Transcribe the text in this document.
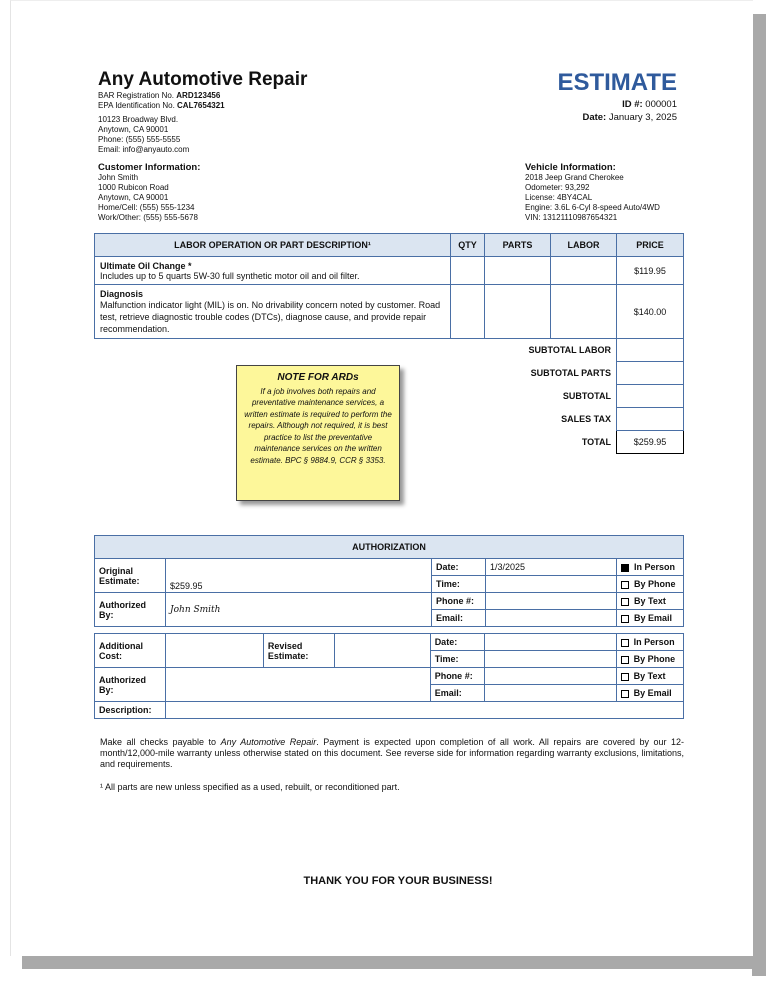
Any Automotive Repair
BAR Registration No. ARD123456
EPA Identification No. CAL7654321
10123 Broadway Blvd.
Anytown, CA 90001
Phone: (555) 555-5555
Email: info@anyauto.com
ESTIMATE
ID #: 000001
Date: January 3, 2025
Customer Information:
John Smith
1000 Rubicon Road
Anytown, CA 90001
Home/Cell: (555) 555-1234
Work/Other: (555) 555-5678
Vehicle Information:
2018 Jeep Grand Cherokee
Odometer: 93,292
License: 4BY4CAL
Engine: 3.6L 6-Cyl 8-speed Auto/4WD
VIN: 13121110987654321
LABOR OPERATION OR PART DESCRIPTION¹	QTY	PARTS	LABOR	PRICE

Ultimate Oil Change *
Includes up to 5 quarts 5W-30 full synthetic motor oil and oil filter.				$119.95

Diagnosis
Malfunction indicator light (MIL) is on. No drivability concern noted by customer. Road test, retrieve diagnostic trouble codes (DTCs), diagnose cause, and provide repair recommendation.				$140.00
SUBTOTAL LABOR				
SUBTOTAL PARTS				
SUBTOTAL				
SALES TAX				
TOTAL				$259.95
NOTE FOR ARDs
If a job involves both repairs and preventative maintenance services, a written estimate is required to perform the repairs. Although not required, it is best practice to list the preventative maintenance services on the written estimate. BPC § 9884.9, CCR § 3353.
AUTHORIZATION				
Original Estimate:	$259.95	Date:	1/3/2025	In Person
		Time:		By Phone
Authorized By:	John Smith	Phone #:		By Text
		Email:		By Email
Additional Cost:		Revised Estimate:		Date:		In Person
				Time:		By Phone
Authorized By:				Phone #:		By Text
				Email:		By Email
Description:						
Make all checks payable to Any Automotive Repair. Payment is expected upon completion of all work. All repairs are covered by our 12-month/12,000-mile warranty unless otherwise stated on this document. See reverse side for information regarding warranty exclusions, limitations, and requirements.
¹ All parts are new unless specified as a used, rebuilt, or reconditioned part.
THANK YOU FOR YOUR BUSINESS!
